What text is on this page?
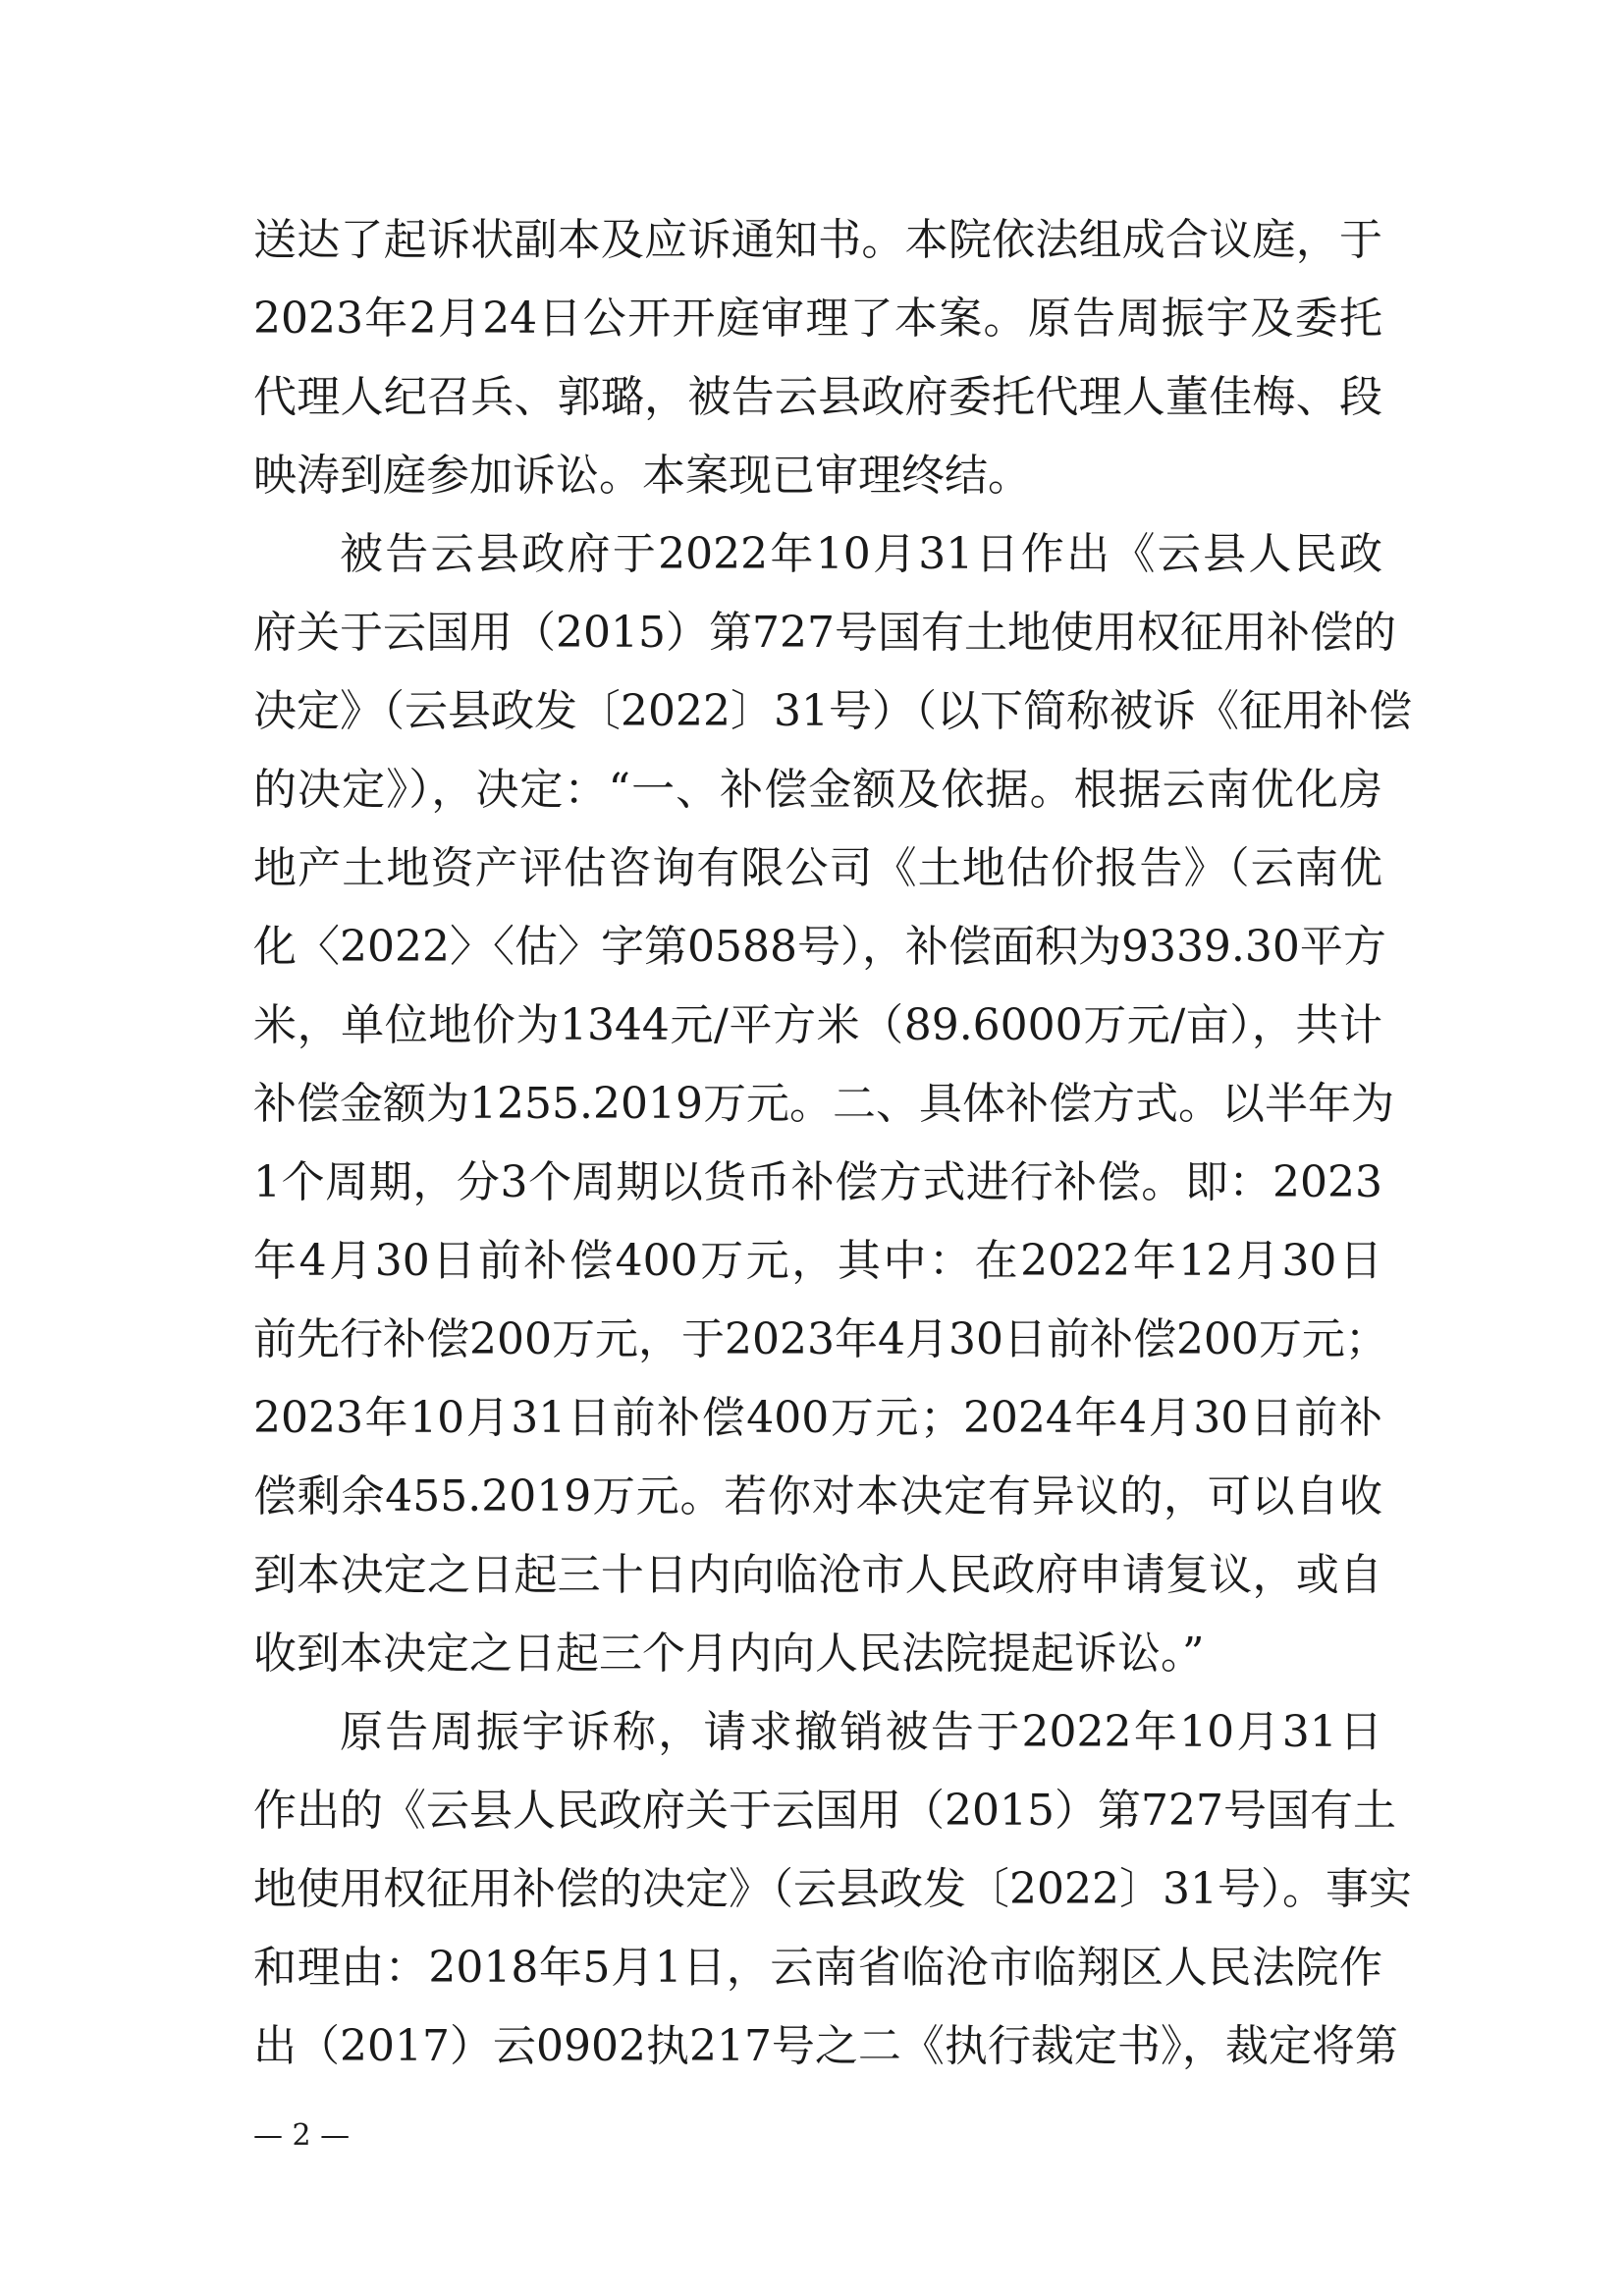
送达了起诉状副本及应诉通知书。本院依法组成合议庭，于
2023年2月24日公开开庭审理了本案。原告周振宇及委托
代理人纪召兵、郭璐，被告云县政府委托代理人董佳梅、段
映涛到庭参加诉讼。本案现已审理终结。
被告云县政府于2022年10月31日作出《云县人民政
府关于云国用（2015）第727号国有土地使用权征用补偿的
决定》（云县政发〔2022〕31号）（以下简称被诉《征用补偿
的决定》），决定：“一、补偿金额及依据。根据云南优化房
地产土地资产评估咨询有限公司《土地估价报告》（云南优
化〈2022〉〈估〉字第0588号），补偿面积为9339.30平方
米，单位地价为1344元/平方米（89.6000万元/亩），共计
补偿金额为1255.2019万元。二、具体补偿方式。以半年为
1个周期，分3个周期以货币补偿方式进行补偿。即：2023
年4月30日前补偿400万元，其中：在2022年12月30日
前先行补偿200万元，于2023年4月30日前补偿200万元；
2023年10月31日前补偿400万元；2024年4月30日前补
偿剩余455.2019万元。若你对本决定有异议的，可以自收
到本决定之日起三十日内向临沧市人民政府申请复议，或自
收到本决定之日起三个月内向人民法院提起诉讼。”
原告周振宇诉称，请求撤销被告于2022年10月31日
作出的《云县人民政府关于云国用（2015）第727号国有土
地使用权征用补偿的决定》（云县政发〔2022〕31号）。事实
和理由：2018年5月1日，云南省临沧市临翔区人民法院作
出（2017）云0902执217号之二《执行裁定书》，裁定将第
— 2 —
